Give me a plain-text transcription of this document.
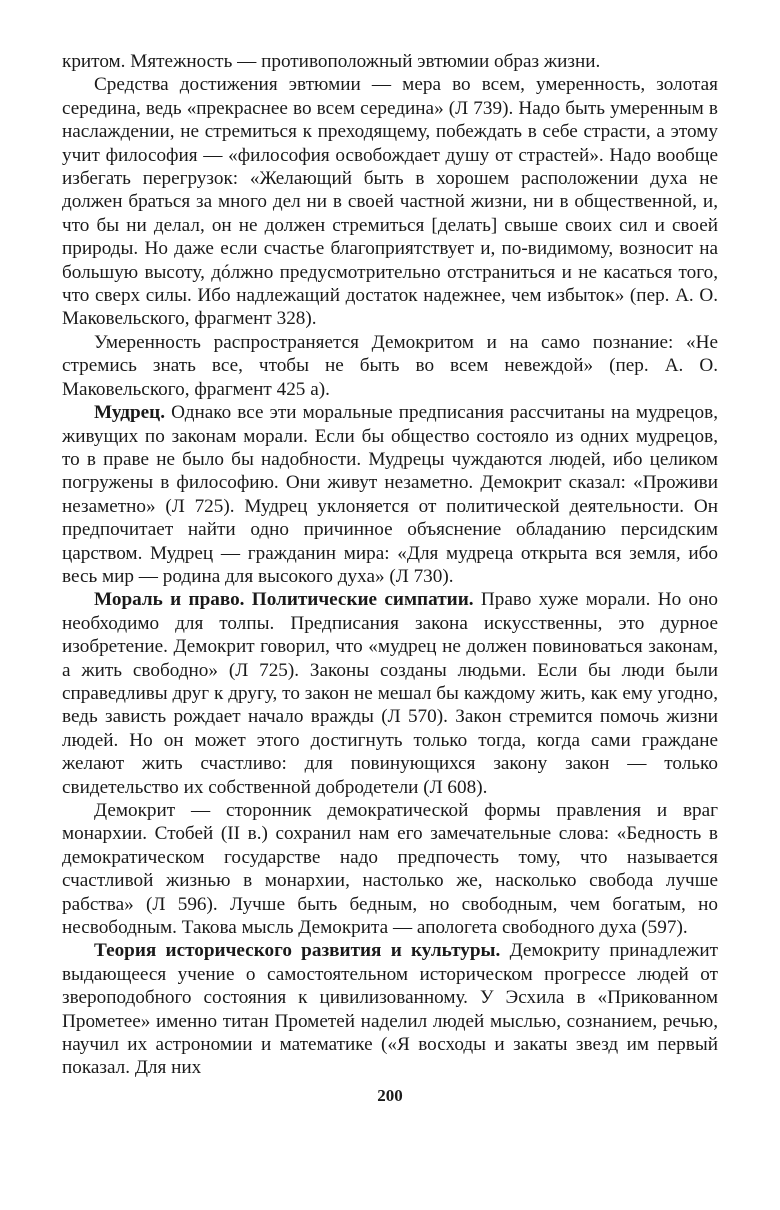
критом. Мятежность — противоположный эвтюмии образ жизни.

Средства достижения эвтюмии — мера во всем, умеренность, золотая середина, ведь «прекраснее во всем середина» (Л 739). Надо быть умеренным в наслаждении, не стремиться к преходящему, побеждать в себе страсти, а этому учит философия — «философия освобождает душу от страстей». Надо вообще избегать перегрузок: «Желающий быть в хорошем расположении духа не должен браться за много дел ни в своей частной жизни, ни в общественной, и, что бы ни делал, он не должен стремиться [делать] свыше своих сил и своей природы. Но даже если счастье благоприятствует и, по-видимому, возносит на большую высоту, дóлжно предусмотрительно отстраниться и не касаться того, что сверх силы. Ибо надлежащий достаток надежнее, чем избыток» (пер. А. О. Маковельского, фрагмент 328).

Умеренность распространяется Демокритом и на само познание: «Не стремись знать все, чтобы не быть во всем невеждой» (пер. А. О. Маковельского, фрагмент 425 а).

Мудрец. Однако все эти моральные предписания рассчитаны на мудрецов, живущих по законам морали. Если бы общество состояло из одних мудрецов, то в праве не было бы надобности. Мудрецы чуждаются людей, ибо целиком погружены в философию. Они живут незаметно. Демокрит сказал: «Проживи незаметно» (Л 725). Мудрец уклоняется от политической деятельности. Он предпочитает найти одно причинное объяснение обладанию персидским царством. Мудрец — гражданин мира: «Для мудреца открыта вся земля, ибо весь мир — родина для высокого духа» (Л 730).

Мораль и право. Политические симпатии. Право хуже морали. Но оно необходимо для толпы. Предписания закона искусственны, это дурное изобретение. Демокрит говорил, что «мудрец не должен повиноваться законам, а жить свободно» (Л 725). Законы созданы людьми. Если бы люди были справедливы друг к другу, то закон не мешал бы каждому жить, как ему угодно, ведь зависть рождает начало вражды (Л 570). Закон стремится помочь жизни людей. Но он может этого достигнуть только тогда, когда сами граждане желают жить счастливо: для повинующихся закону закон — только свидетельство их собственной добродетели (Л 608).

Демокрит — сторонник демократической формы правления и враг монархии. Стобей (II в.) сохранил нам его замечательные слова: «Бедность в демократическом государстве надо предпочесть тому, что называется счастливой жизнью в монархии, настолько же, насколько свобода лучше рабства» (Л 596). Лучше быть бедным, но свободным, чем богатым, но несвободным. Такова мысль Демокрита — апологета свободного духа (597).

Теория исторического развития и культуры. Демокриту принадлежит выдающееся учение о самостоятельном историческом прогрессе людей от звероподобного состояния к цивилизованному. У Эсхила в «Прикованном Прометее» именно титан Прометей наделил людей мыслью, сознанием, речью, научил их астрономии и математике («Я восходы и закаты звезд им первый показал. Для них

200
